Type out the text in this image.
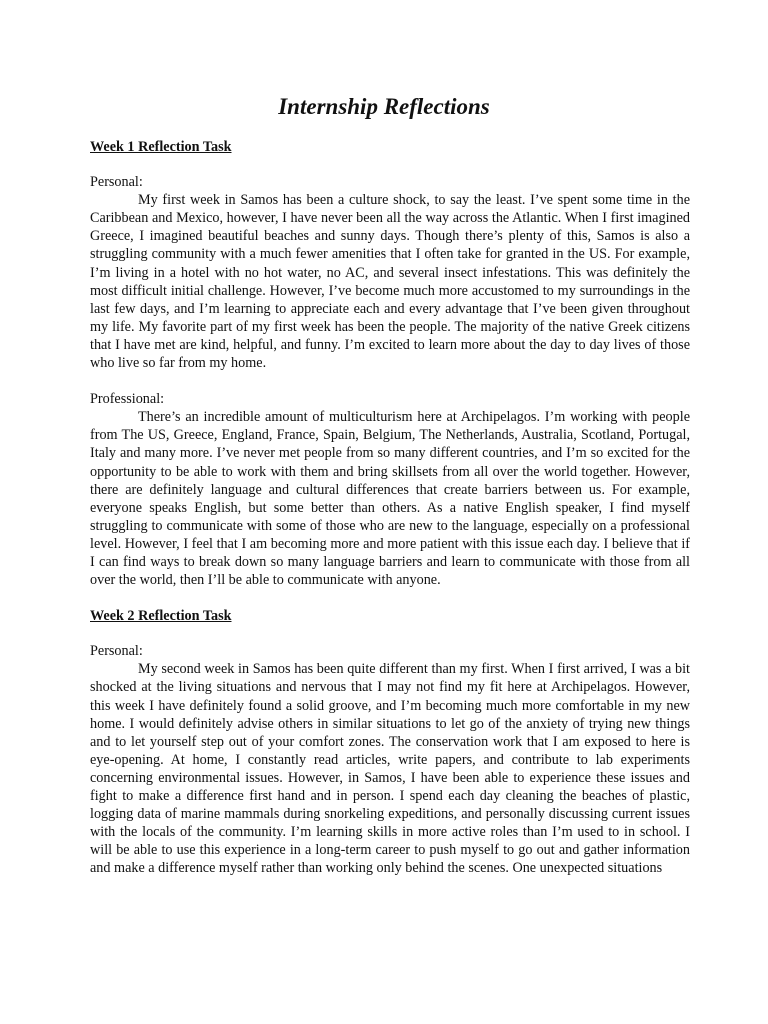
Internship Reflections
Week 1 Reflection Task
Personal:

My first week in Samos has been a culture shock, to say the least. I’ve spent some time in the Caribbean and Mexico, however, I have never been all the way across the Atlantic. When I first imagined Greece, I imagined beautiful beaches and sunny days. Though there’s plenty of this, Samos is also a struggling community with a much fewer amenities that I often take for granted in the US. For example, I’m living in a hotel with no hot water, no AC, and several insect infestations. This was definitely the most difficult initial challenge. However, I’ve become much more accustomed to my surroundings in the last few days, and I’m learning to appreciate each and every advantage that I’ve been given throughout my life. My favorite part of my first week has been the people. The majority of the native Greek citizens that I have met are kind, helpful, and funny. I’m excited to learn more about the day to day lives of those who live so far from my home.

Professional:

There’s an incredible amount of multiculturism here at Archipelagos. I’m working with people from The US, Greece, England, France, Spain, Belgium, The Netherlands, Australia, Scotland, Portugal, Italy and many more. I’ve never met people from so many different countries, and I’m so excited for the opportunity to be able to work with them and bring skillsets from all over the world together. However, there are definitely language and cultural differences that create barriers between us. For example, everyone speaks English, but some better than others. As a native English speaker, I find myself struggling to communicate with some of those who are new to the language, especially on a professional level. However, I feel that I am becoming more and more patient with this issue each day. I believe that if I can find ways to break down so many language barriers and learn to communicate with those from all over the world, then I’ll be able to communicate with anyone.

Week 2 Reflection Task
Personal:

My second week in Samos has been quite different than my first. When I first arrived, I was a bit shocked at the living situations and nervous that I may not find my fit here at Archipelagos. However, this week I have definitely found a solid groove, and I’m becoming much more comfortable in my new home. I would definitely advise others in similar situations to let go of the anxiety of trying new things and to let yourself step out of your comfort zones. The conservation work that I am exposed to here is eye-opening. At home, I constantly read articles, write papers, and contribute to lab experiments concerning environmental issues. However, in Samos, I have been able to experience these issues and fight to make a difference first hand and in person. I spend each day cleaning the beaches of plastic, logging data of marine mammals during snorkeling expeditions, and personally discussing current issues with the locals of the community. I’m learning skills in more active roles than I’m used to in school. I will be able to use this experience in a long-term career to push myself to go out and gather information and make a difference myself rather than working only behind the scenes. One unexpected situations
